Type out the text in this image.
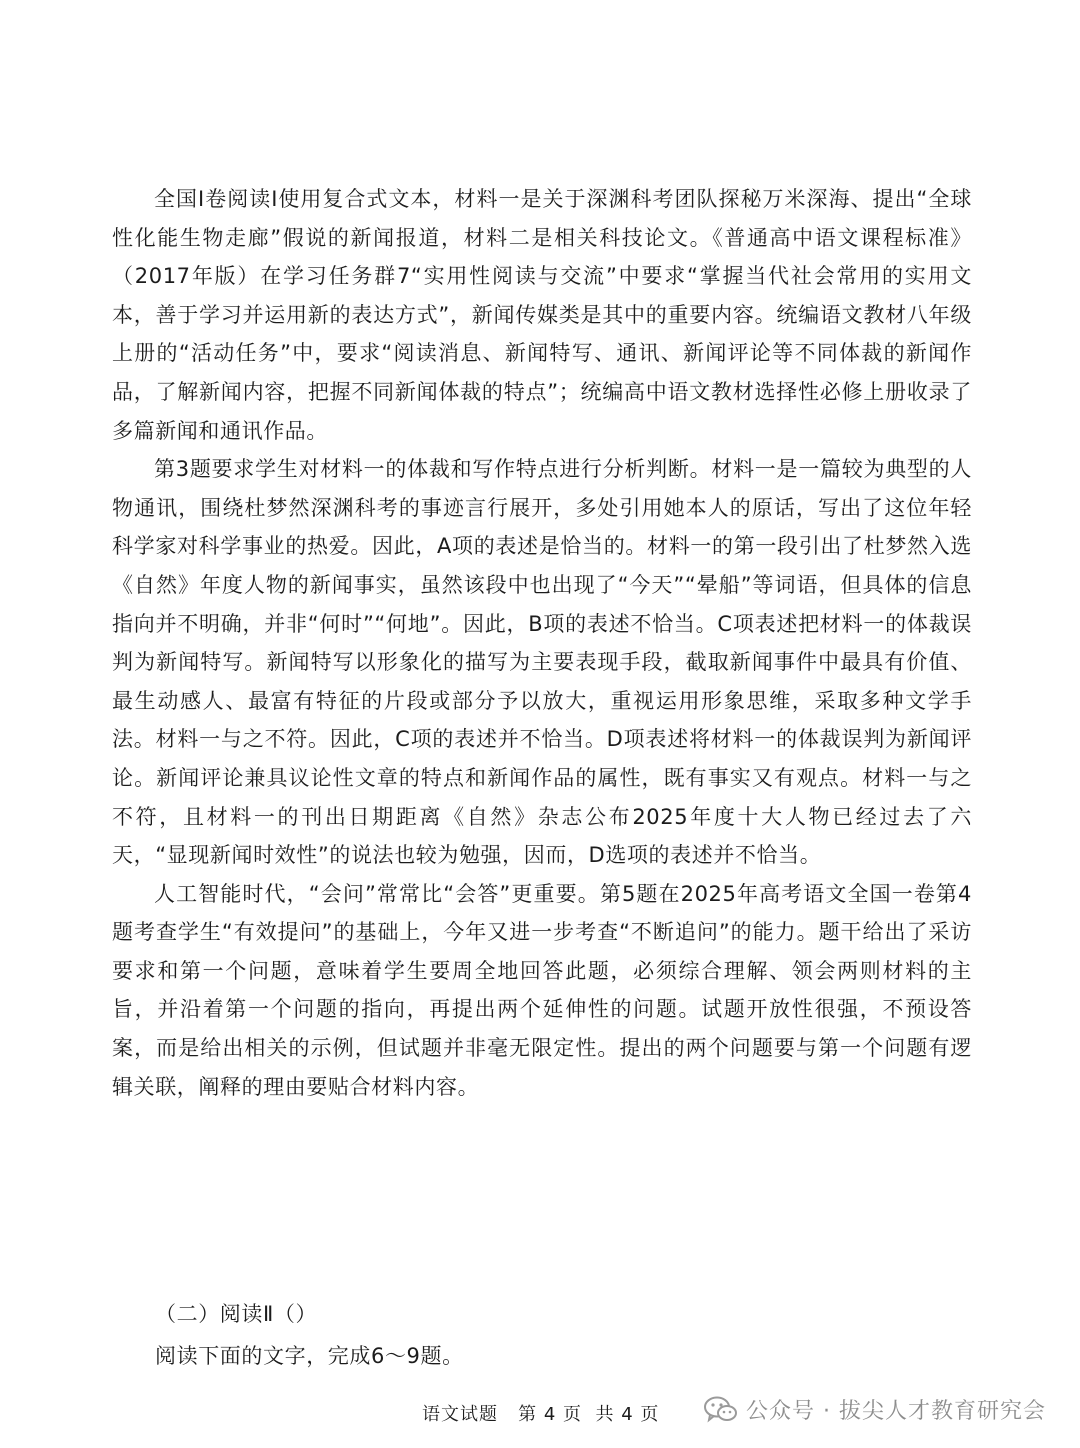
全国Ⅰ卷阅读Ⅰ使用复合式文本，材料一是关于深渊科考团队探秘万米深海、提出“全球性化能生物走廊”假说的新闻报道，材料二是相关科技论文。《普通高中语文课程标准》（2017年版）在学习任务群7“实用性阅读与交流”中要求“掌握当代社会常用的实用文本，善于学习并运用新的表达方式”，新闻传媒类是其中的重要内容。统编语文教材八年级上册的“活动任务”中，要求“阅读消息、新闻特写、通讯、新闻评论等不同体裁的新闻作品，了解新闻内容，把握不同新闻体裁的特点”；统编高中语文教材选择性必修上册收录了多篇新闻和通讯作品。

第3题要求学生对材料一的体裁和写作特点进行分析判断。材料一是一篇较为典型的人物通讯，围绕杜梦然深渊科考的事迹言行展开，多处引用她本人的原话，写出了这位年轻科学家对科学事业的热爱。因此，A项的表述是恰当的。材料一的第一段引出了杜梦然入选《自然》年度人物的新闻事实，虽然该段中也出现了“今天”“晕船”等词语，但具体的信息指向并不明确，并非“何时”“何地”。因此，B项的表述不恰当。C项表述把材料一的体裁误判为新闻特写。新闻特写以形象化的描写为主要表现手段，截取新闻事件中最具有价值、最生动感人、最富有特征的片段或部分予以放大，重视运用形象思维，采取多种文学手法。材料一与之不符。因此，C项的表述并不恰当。D项表述将材料一的体裁误判为新闻评论。新闻评论兼具议论性文章的特点和新闻作品的属性，既有事实又有观点。材料一与之不符，且材料一的刊出日期距离《自然》杂志公布2025年度十大人物已经过去了六天，“显现新闻时效性”的说法也较为勉强，因而，D选项的表述并不恰当。

人工智能时代，“会问”常常比“会答”更重要。第5题在2025年高考语文全国一卷第4题考查学生“有效提问”的基础上，今年又进一步考查“不断追问”的能力。题干给出了采访要求和第一个问题，意味着学生要周全地回答此题，必须综合理解、领会两则材料的主旨，并沿着第一个问题的指向，再提出两个延伸性的问题。试题开放性很强，不预设答案，而是给出相关的示例，但试题并非毫无限定性。提出的两个问题要与第一个问题有逻辑关联，阐释的理由要贴合材料内容。

（二）阅读Ⅱ（）
阅读下面的文字，完成6～9题。
语文试题   第 4 页  共 4 页	公众号 · 拔尖人才教育研究会
